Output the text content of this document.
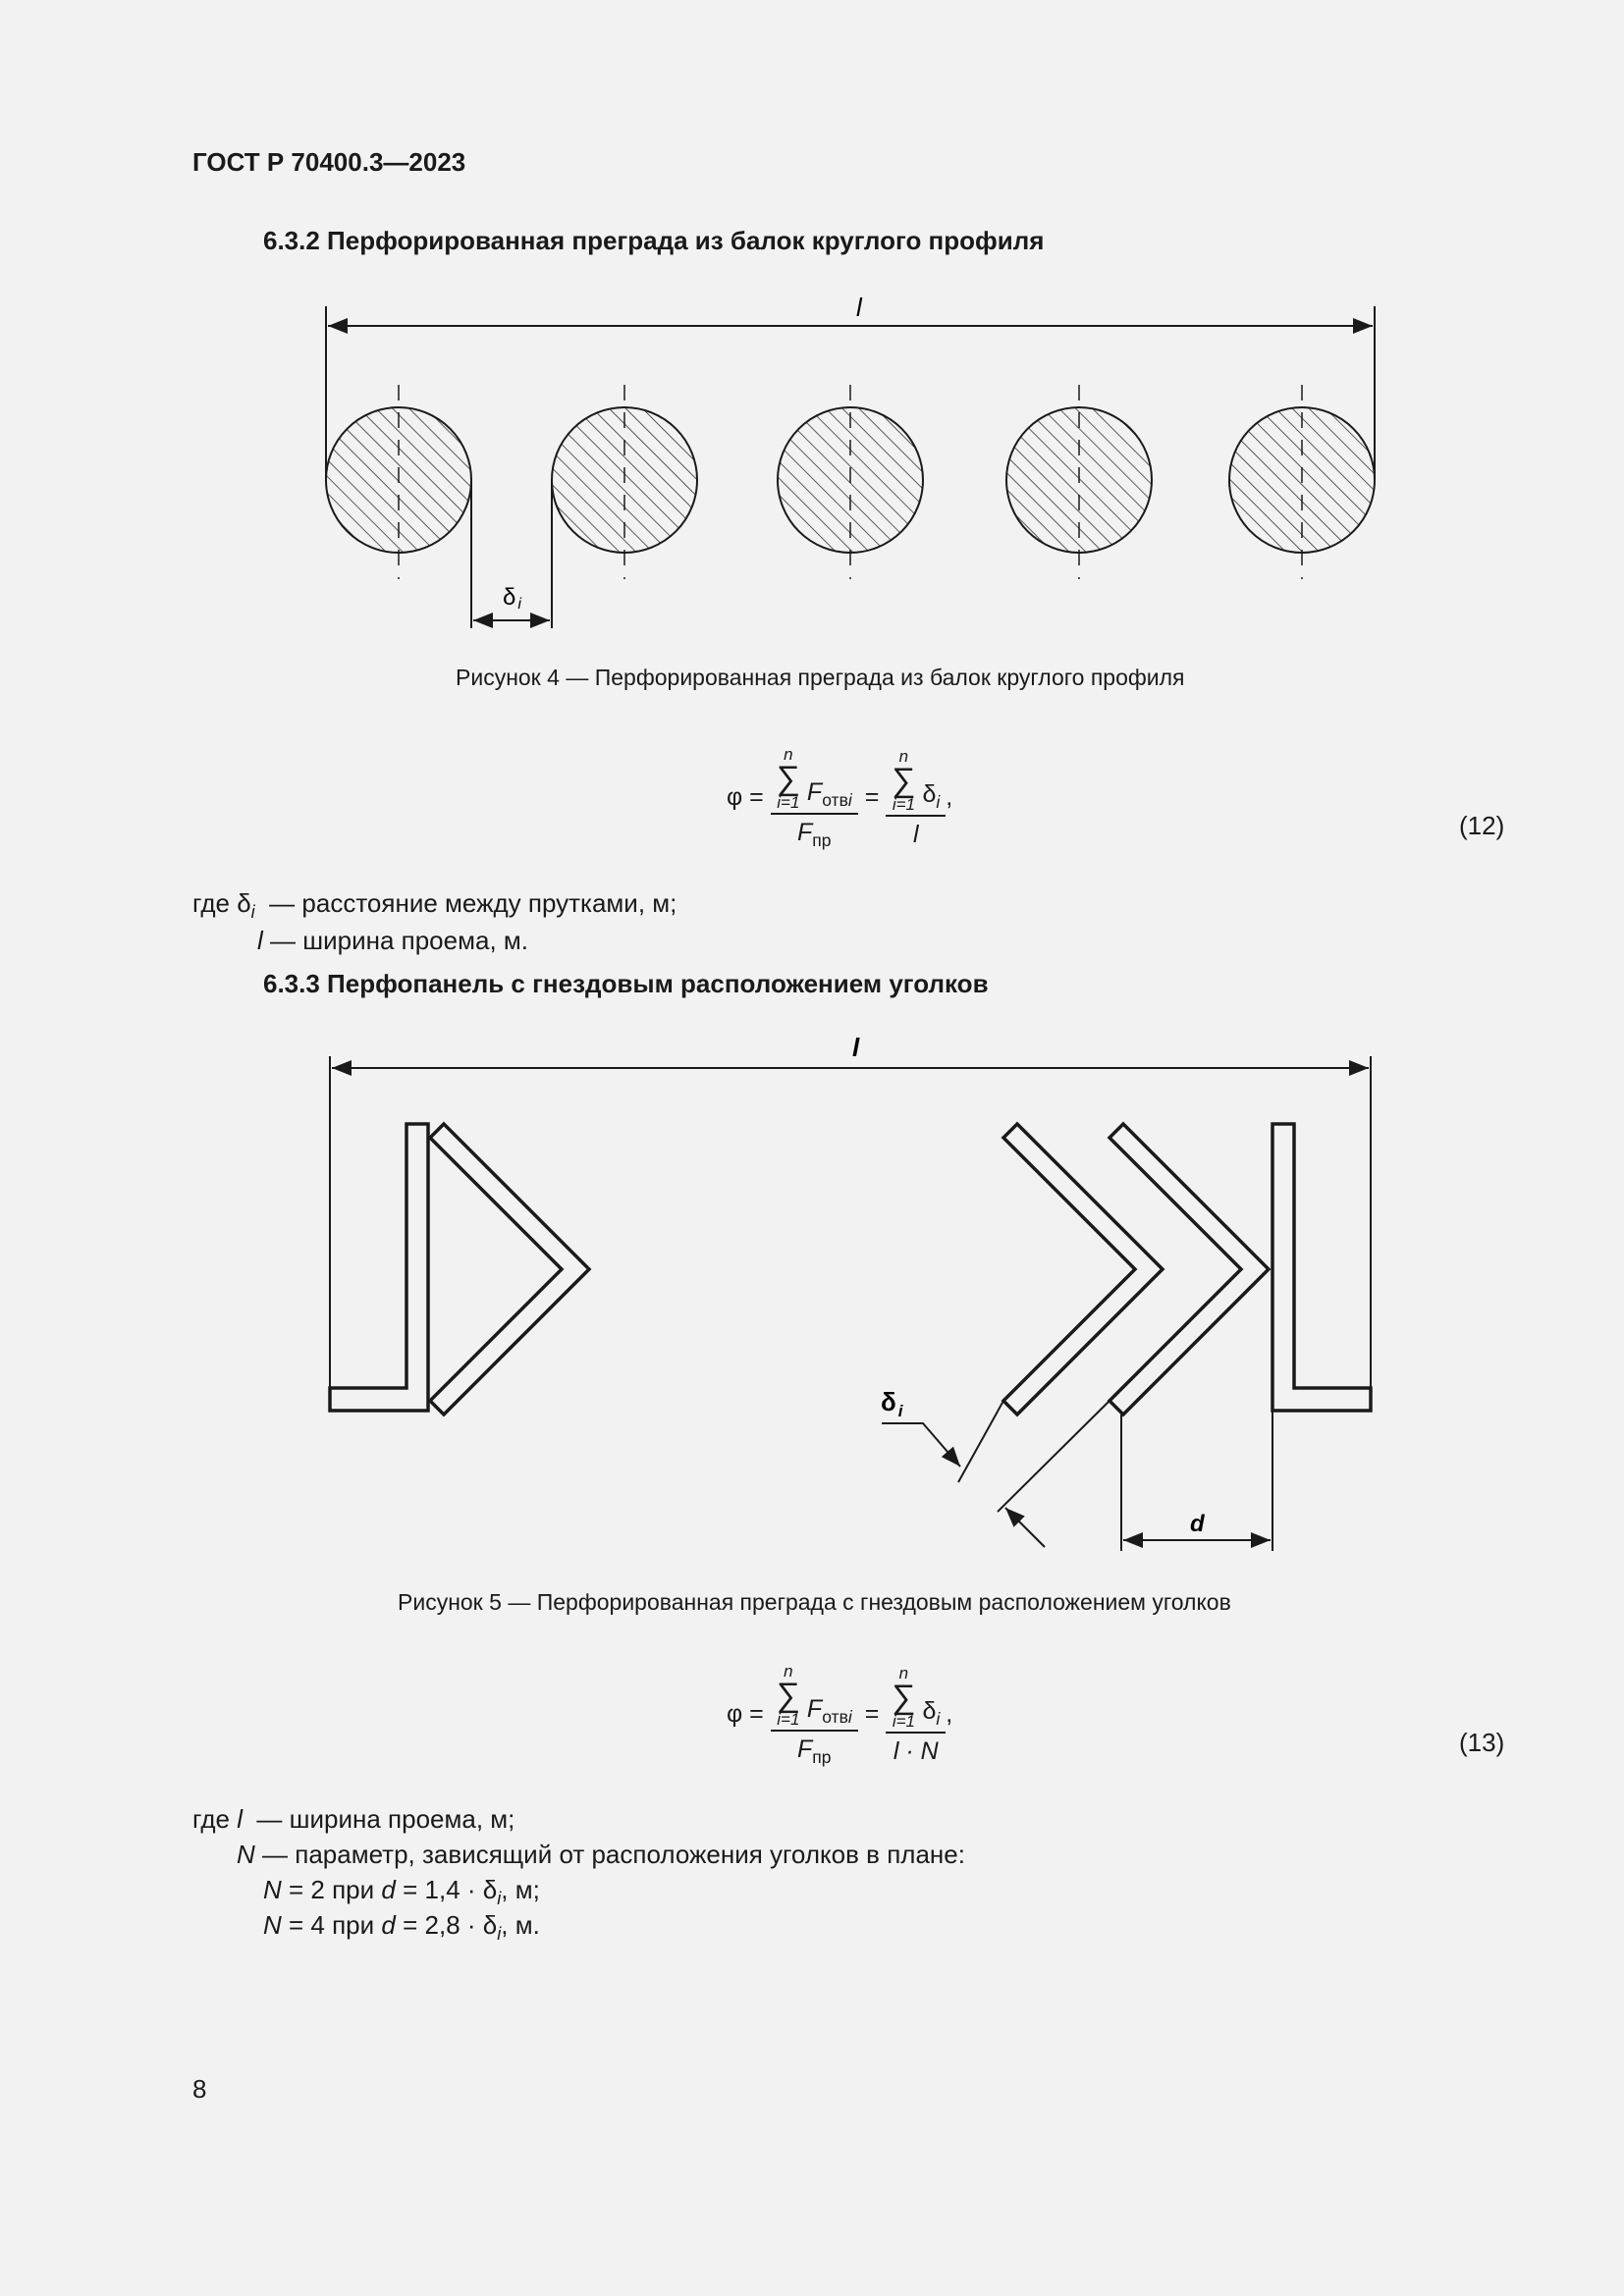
ГОСТ Р 70400.3—2023
6.3.2 Перфорированная преграда из балок круглого профиля
l
δi
Рисунок 4 — Перфорированная преграда из балок круглого профиля
φ = n
∑
i=1 $F_{отвi}$
$F_{пр} = n$
∑
i=1 $\delta_i$
l ,
(12)
где $\delta_i$ — расстояние между прутками, м;
l — ширина проема, м.
6.3.3 Перфопанель с гнездовым расположением уголков
l
δ $_i$
d
Рисунок 5 — Перфорированная преграда с гнездовым расположением уголков
φ = n
∑
i=1 $F_{отвi}$
$F_{пр} = n$
∑
i=1 $\delta_i$
l · N ,
(13)
где l — ширина проема, м;
N — параметр, зависящий от расположения уголков в плане:
N = 2 при $d = 1,4 \cdot \delta_i$, м;
N = 4 при $d = 2,8 \cdot \delta_i$, м.
8
